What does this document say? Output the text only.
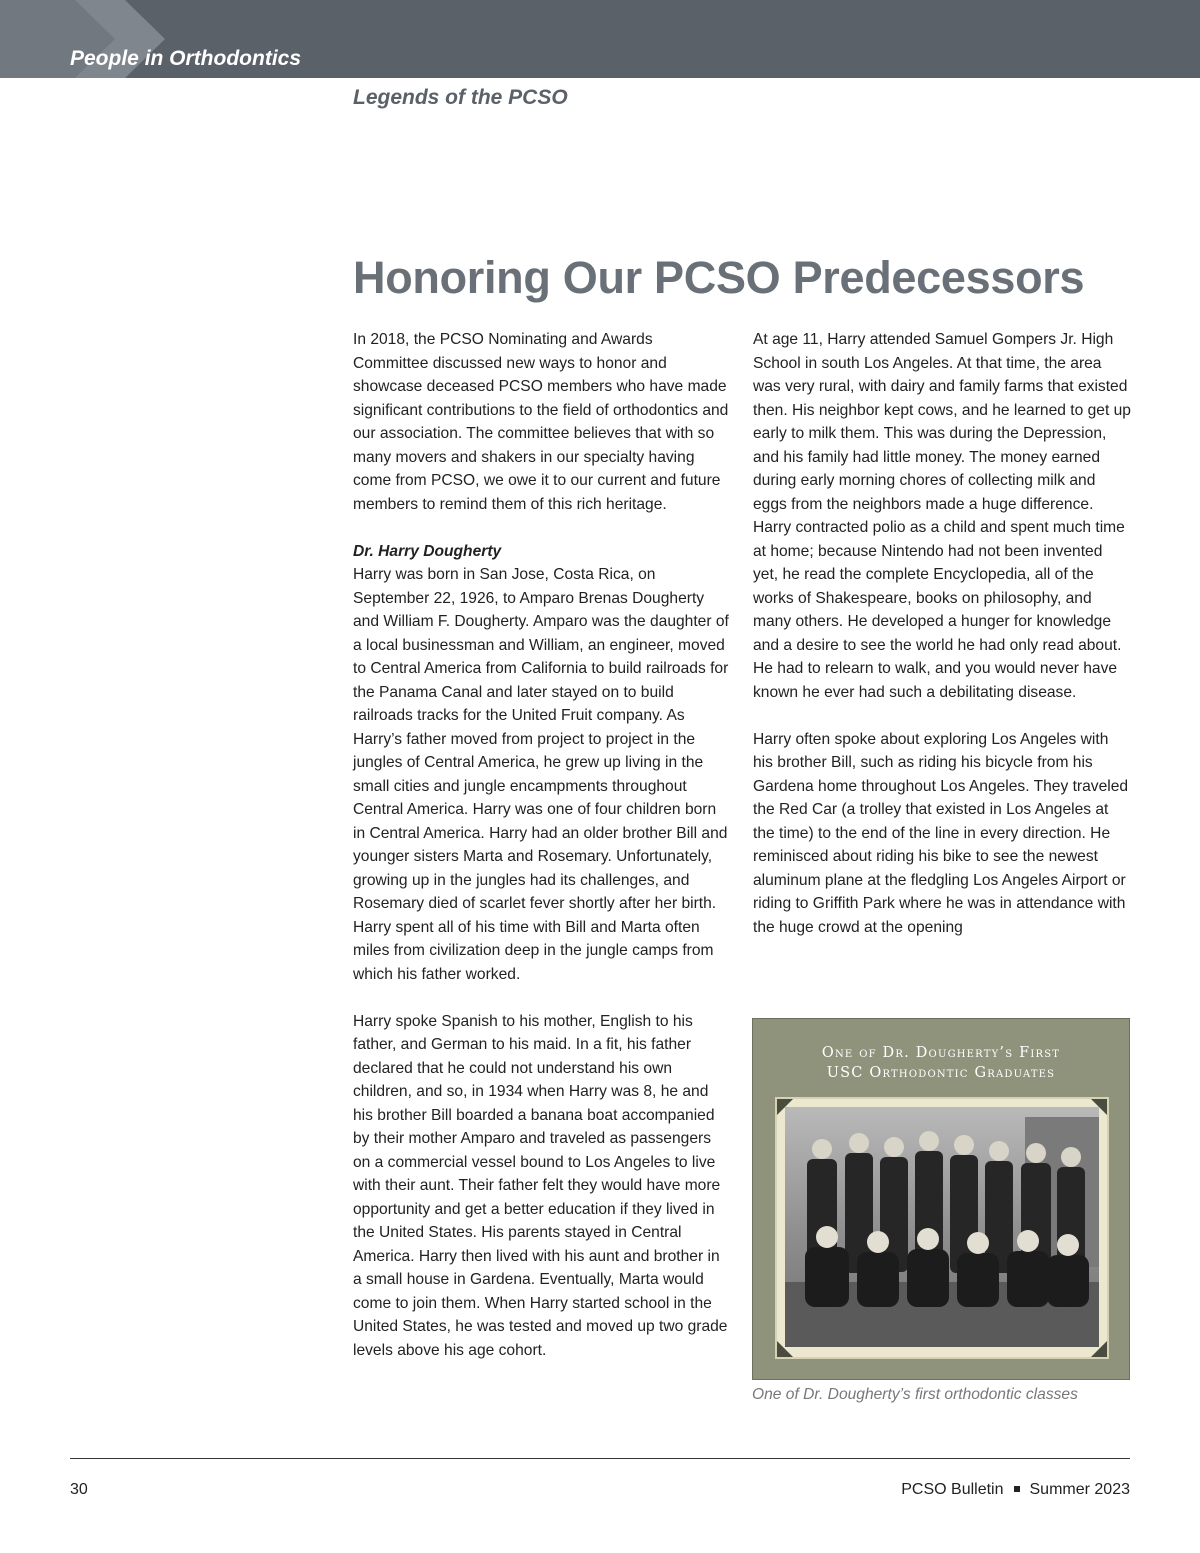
People in Orthodontics
Legends of the PCSO
Honoring Our PCSO Predecessors

In 2018, the PCSO Nominating and Awards Committee discussed new ways to honor and showcase deceased PCSO members who have made significant contributions to the field of orthodontics and our association. The committee believes that with so many movers and shakers in our specialty having come from PCSO, we owe it to our current and future members to remind them of this rich heritage.

Dr. Harry Dougherty

Harry was born in San Jose, Costa Rica, on September 22, 1926, to Amparo Brenas Dougherty and William F. Dougherty. Amparo was the daughter of a local businessman and William, an engineer, moved to Central America from California to build railroads for the Panama Canal and later stayed on to build railroads tracks for the United Fruit company. As Harry’s father moved from project to project in the jungles of Central America, he grew up living in the small cities and jungle encampments throughout Central America. Harry was one of four children born in Central America. Harry had an older brother Bill and younger sisters Marta and Rosemary. Unfortunately, growing up in the jungles had its challenges, and Rosemary died of scarlet fever shortly after her birth. Harry spent all of his time with Bill and Marta often miles from civilization deep in the jungle camps from which his father worked.

Harry spoke Spanish to his mother, English to his father, and German to his maid. In a fit, his father declared that he could not understand his own children, and so, in 1934 when Harry was 8, he and his brother Bill boarded a banana boat accompanied by their mother Amparo and traveled as passengers on a commercial vessel bound to Los Angeles to live with their aunt. Their father felt they would have more opportunity and get a better education if they lived in the United States. His parents stayed in Central America. Harry then lived with his aunt and brother in a small house in Gardena. Eventually, Marta would come to join them. When Harry started school in the United States, he was tested and moved up two grade levels above his age cohort.

At age 11, Harry attended Samuel Gompers Jr. High School in south Los Angeles. At that time, the area was very rural, with dairy and family farms that existed then. His neighbor kept cows, and he learned to get up early to milk them. This was during the Depression, and his family had little money. The money earned during early morning chores of collecting milk and eggs from the neighbors made a huge difference. Harry contracted polio as a child and spent much time at home; because Nintendo had not been invented yet, he read the complete Encyclopedia, all of the works of Shakespeare, books on philosophy, and many others. He developed a hunger for knowledge and a desire to see the world he had only read about. He had to relearn to walk, and you would never have known he ever had such a debilitating disease.

Harry often spoke about exploring Los Angeles with his brother Bill, such as riding his bicycle from his Gardena home throughout Los Angeles. They traveled the Red Car (a trolley that existed in Los Angeles at the time) to the end of the line in every direction. He reminisced about riding his bike to see the newest aluminum plane at the fledgling Los Angeles Airport or riding to Griffith Park where he was in attendance with the huge crowd at the opening

One of Dr. Dougherty’s First
USC Orthodontic Graduates
One of Dr. Dougherty’s first orthodontic classes
30	PCSO Bulletin Summer 2023
